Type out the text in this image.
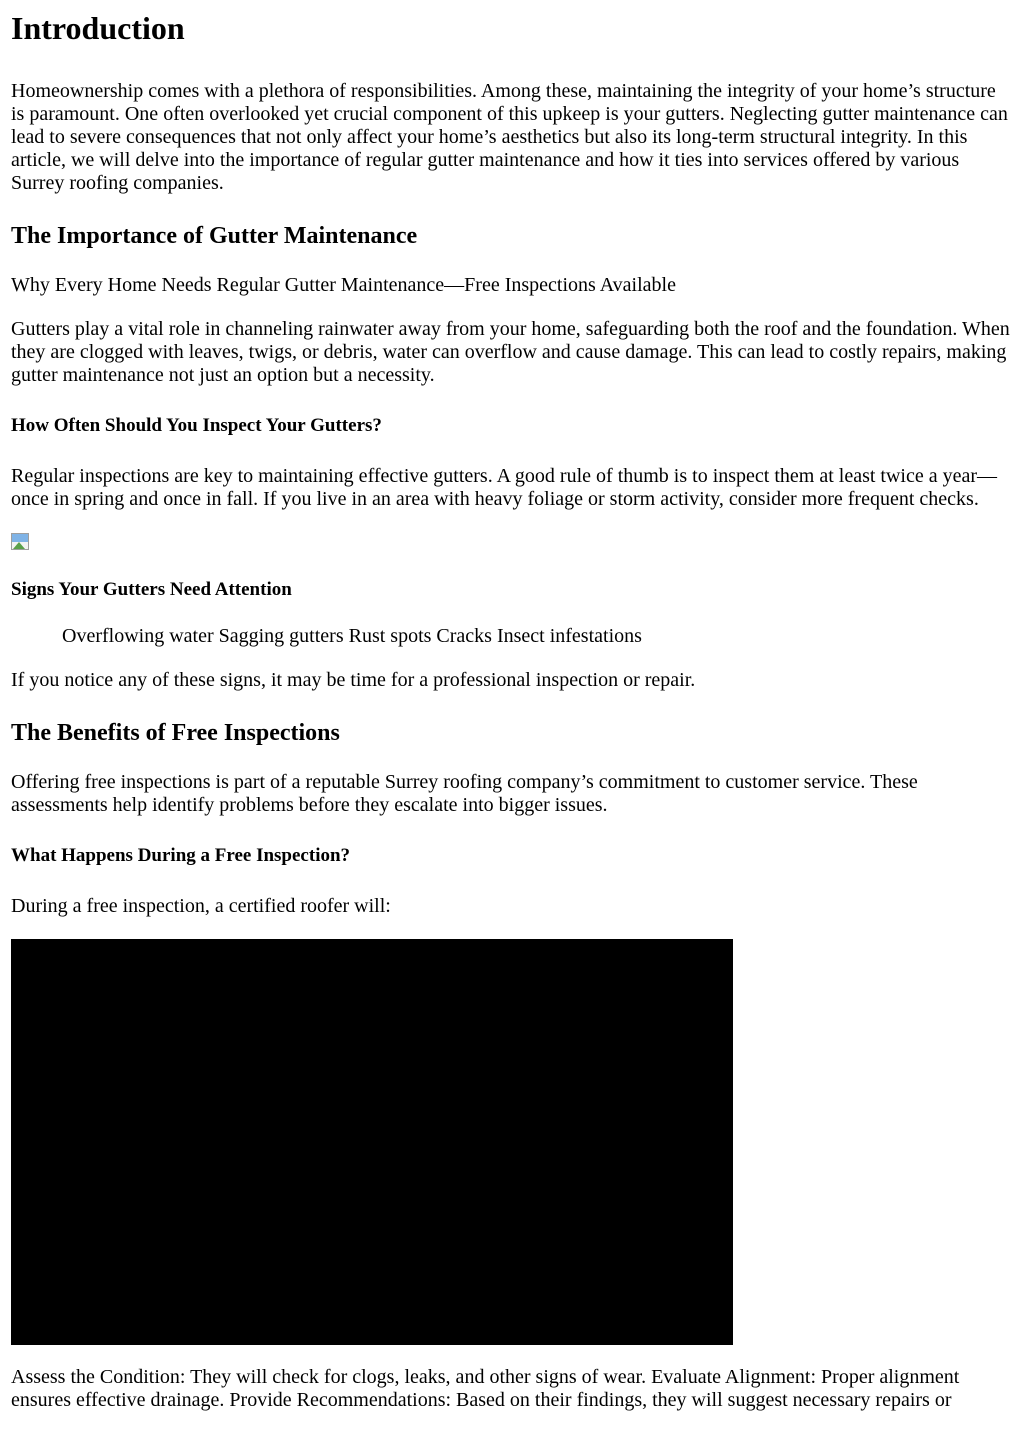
Introduction

Homeownership comes with a plethora of responsibilities. Among these, maintaining the integrity of your home’s structure is paramount. One often overlooked yet crucial component of this upkeep is your gutters. Neglecting gutter maintenance can lead to severe consequences that not only affect your home’s aesthetics but also its long-term structural integrity. In this article, we will delve into the importance of regular gutter maintenance and how it ties into services offered by various Surrey roofing companies.

The Importance of Gutter Maintenance

Why Every Home Needs Regular Gutter Maintenance—Free Inspections Available

Gutters play a vital role in channeling rainwater away from your home, safeguarding both the roof and the foundation. When they are clogged with leaves, twigs, or debris, water can overflow and cause damage. This can lead to costly repairs, making gutter maintenance not just an option but a necessity.

How Often Should You Inspect Your Gutters?

Regular inspections are key to maintaining effective gutters. A good rule of thumb is to inspect them at least twice a year—once in spring and once in fall. If you live in an area with heavy foliage or storm activity, consider more frequent checks.

Signs Your Gutters Need Attention
Overflowing water Sagging gutters Rust spots Cracks Insect infestations

If you notice any of these signs, it may be time for a professional inspection or repair.

The Benefits of Free Inspections

Offering free inspections is part of a reputable Surrey roofing company’s commitment to customer service. These assessments help identify problems before they escalate into bigger issues.

What Happens During a Free Inspection?

During a free inspection, a certified roofer will:

Assess the Condition: They will check for clogs, leaks, and other signs of wear. Evaluate Alignment: Proper alignment ensures effective drainage. Provide Recommendations: Based on their findings, they will suggest necessary repairs or
